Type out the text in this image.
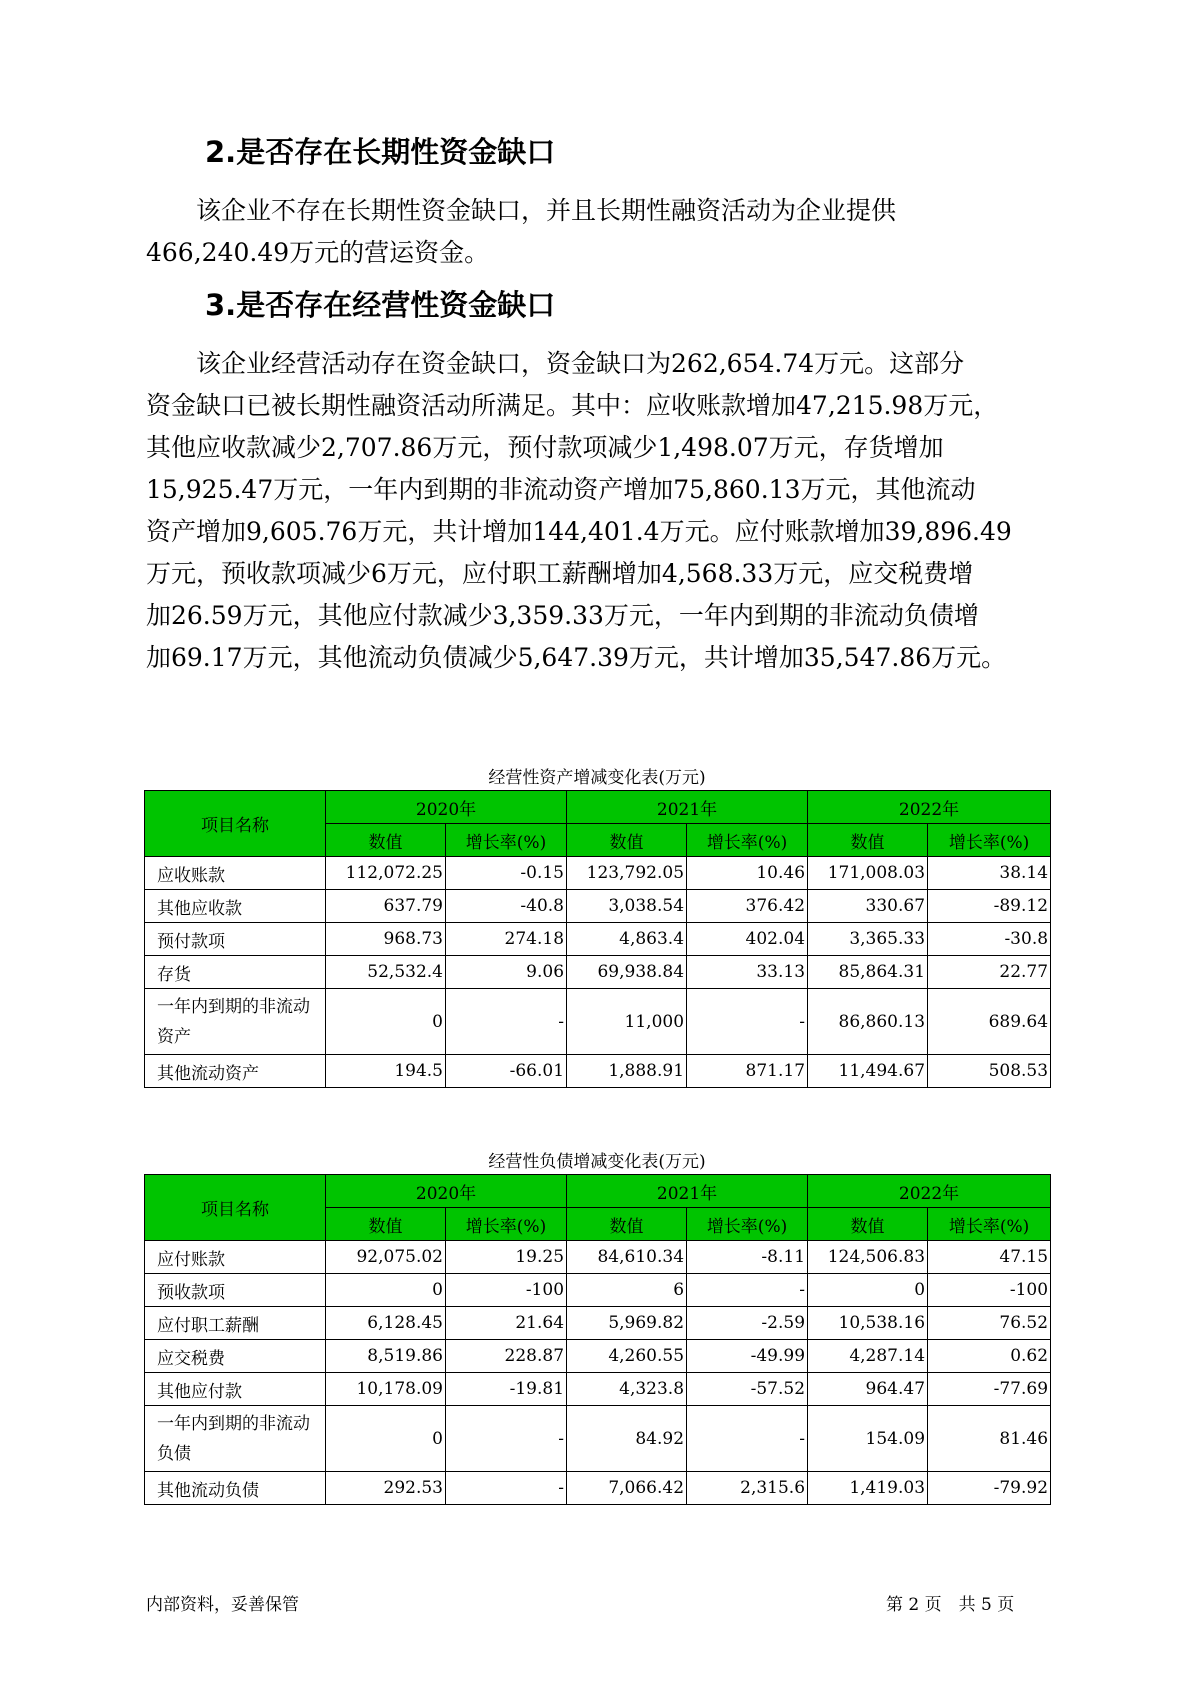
2.是否存在长期性资金缺口
　　该企业不存在长期性资金缺口，并且长期性融资活动为企业提供
466,240.49万元的营运资金。
3.是否存在经营性资金缺口
　　该企业经营活动存在资金缺口，资金缺口为262,654.74万元。这部分
资金缺口已被长期性融资活动所满足。其中：应收账款增加47,215.98万元，
其他应收款减少2,707.86万元，预付款项减少1,498.07万元，存货增加
15,925.47万元，一年内到期的非流动资产增加75,860.13万元，其他流动
资产增加9,605.76万元，共计增加144,401.4万元。应付账款增加39,896.49
万元，预收款项减少6万元，应付职工薪酬增加4,568.33万元，应交税费增
加26.59万元，其他应付款减少3,359.33万元，一年内到期的非流动负债增
加69.17万元，其他流动负债减少5,647.39万元，共计增加35,547.86万元。
经营性资产增减变化表(万元)
项目名称	2020年		2021年		2022年	
	数值	增长率(%)	数值	增长率(%)	数值	增长率(%)
应收账款	112,072.25	-0.15	123,792.05	10.46	171,008.03	38.14
其他应收款	637.79	-40.8	3,038.54	376.42	330.67	-89.12
预付款项	968.73	274.18	4,863.4	402.04	3,365.33	-30.8
存货	52,532.4	9.06	69,938.84	33.13	85,864.31	22.77
一年内到期的非流动资产	0	-	11,000	-	86,860.13	689.64
其他流动资产	194.5	-66.01	1,888.91	871.17	11,494.67	508.53
经营性负债增减变化表(万元)
项目名称	2020年		2021年		2022年	
	数值	增长率(%)	数值	增长率(%)	数值	增长率(%)
应付账款	92,075.02	19.25	84,610.34	-8.11	124,506.83	47.15
预收款项	0	-100	6	-	0	-100
应付职工薪酬	6,128.45	21.64	5,969.82	-2.59	10,538.16	76.52
应交税费	8,519.86	228.87	4,260.55	-49.99	4,287.14	0.62
其他应付款	10,178.09	-19.81	4,323.8	-57.52	964.47	-77.69
一年内到期的非流动负债	0	-	84.92	-	154.09	81.46
其他流动负债	292.53	-	7,066.42	2,315.6	1,419.03	-79.92
内部资料，妥善保管	第 2 页　共 5 页
